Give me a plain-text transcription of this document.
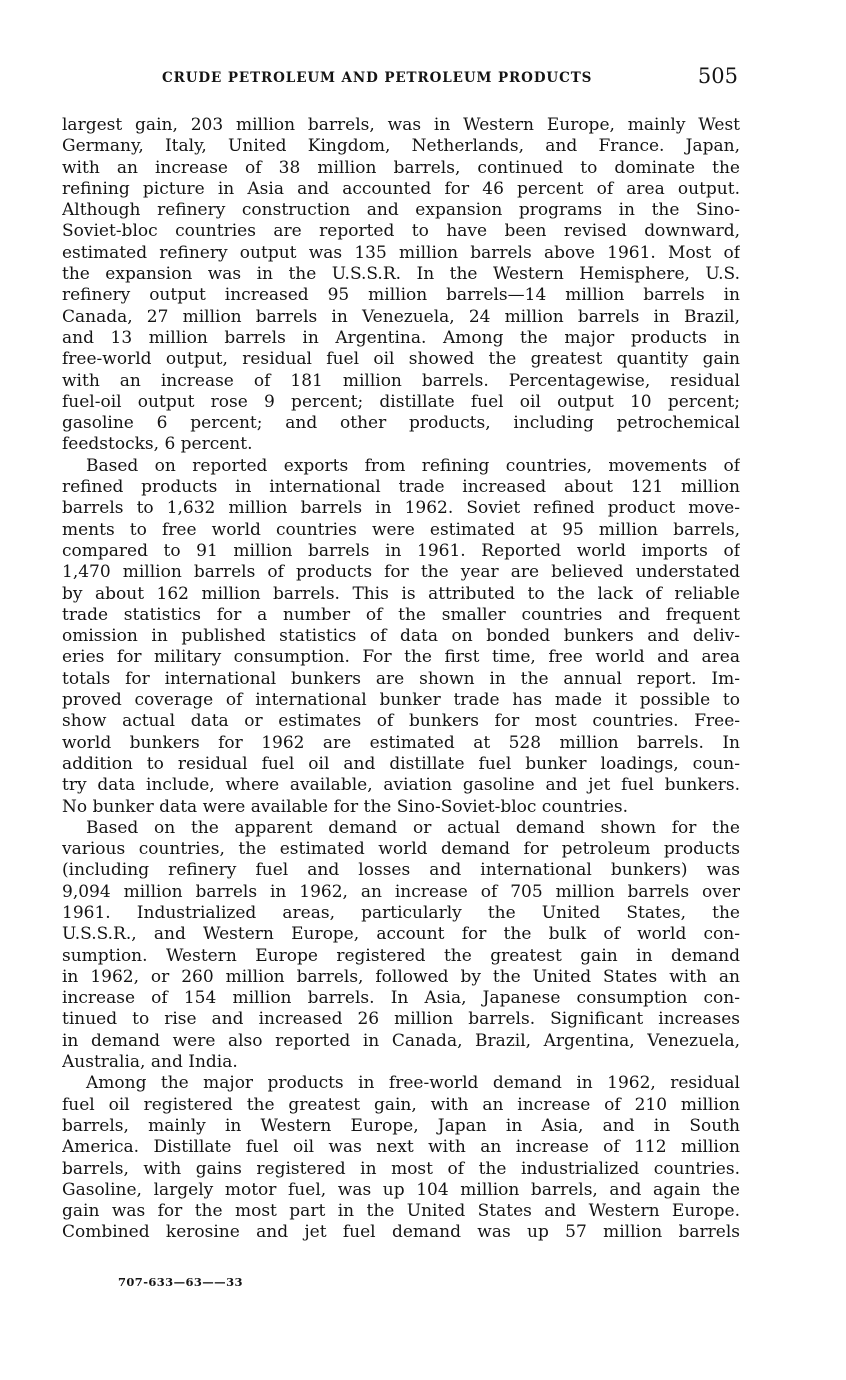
CRUDE PETROLEUM AND PETROLEUM PRODUCTS	505
largest gain, 203 million barrels, was in Western Europe, mainly West
Germany, Italy, United Kingdom, Netherlands, and France. Japan,
with an increase of 38 million barrels, continued to dominate the
refining picture in Asia and accounted for 46 percent of area output.
Although refinery construction and expansion programs in the Sino-
Soviet-bloc countries are reported to have been revised downward,
estimated refinery output was 135 million barrels above 1961. Most of
the expansion was in the U.S.S.R. In the Western Hemisphere, U.S.
refinery output increased 95 million barrels—14 million barrels in
Canada, 27 million barrels in Venezuela, 24 million barrels in Brazil,
and 13 million barrels in Argentina. Among the major products in
free-world output, residual fuel oil showed the greatest quantity gain
with an increase of 181 million barrels. Percentagewise, residual
fuel-oil output rose 9 percent; distillate fuel oil output 10 percent;
gasoline 6 percent; and other products, including petrochemical
feedstocks, 6 percent.
Based on reported exports from refining countries, movements of
refined products in international trade increased about 121 million
barrels to 1,632 million barrels in 1962. Soviet refined product move-
ments to free world countries were estimated at 95 million barrels,
compared to 91 million barrels in 1961. Reported world imports of
1,470 million barrels of products for the year are believed understated
by about 162 million barrels. This is attributed to the lack of reliable
trade statistics for a number of the smaller countries and frequent
omission in published statistics of data on bonded bunkers and deliv-
eries for military consumption. For the first time, free world and area
totals for international bunkers are shown in the annual report. Im-
proved coverage of international bunker trade has made it possible to
show actual data or estimates of bunkers for most countries. Free-
world bunkers for 1962 are estimated at 528 million barrels. In
addition to residual fuel oil and distillate fuel bunker loadings, coun-
try data include, where available, aviation gasoline and jet fuel bunkers.
No bunker data were available for the Sino-Soviet-bloc countries.
Based on the apparent demand or actual demand shown for the
various countries, the estimated world demand for petroleum products
(including refinery fuel and losses and international bunkers) was
9,094 million barrels in 1962, an increase of 705 million barrels over
1961. Industrialized areas, particularly the United States, the
U.S.S.R., and Western Europe, account for the bulk of world con-
sumption. Western Europe registered the greatest gain in demand
in 1962, or 260 million barrels, followed by the United States with an
increase of 154 million barrels. In Asia, Japanese consumption con-
tinued to rise and increased 26 million barrels. Significant increases
in demand were also reported in Canada, Brazil, Argentina, Venezuela,
Australia, and India.
Among the major products in free-world demand in 1962, residual
fuel oil registered the greatest gain, with an increase of 210 million
barrels, mainly in Western Europe, Japan in Asia, and in South
America. Distillate fuel oil was next with an increase of 112 million
barrels, with gains registered in most of the industrialized countries.
Gasoline, largely motor fuel, was up 104 million barrels, and again the
gain was for the most part in the United States and Western Europe.
Combined kerosine and jet fuel demand was up 57 million barrels
707-633—63——33
